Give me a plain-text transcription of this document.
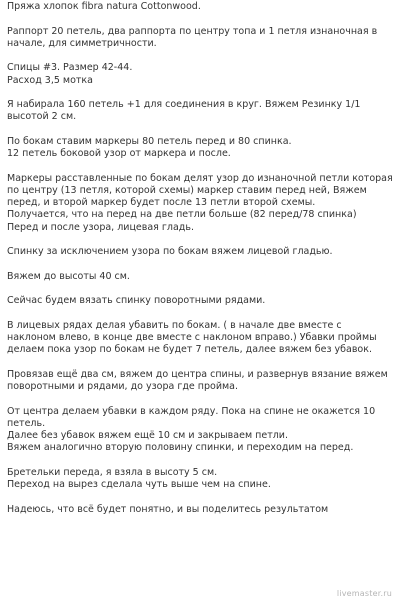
Пряжа хлопок fibra natura Cottonwood.
Раппорт 20 петель, два раппорта по центру топа и 1 петля изнаночная в
начале, для симметричности.
Спицы #3. Размер 42-44.
Расход 3,5 мотка
Я набирала 160 петель +1 для соединения в круг. Вяжем Резинку 1/1
высотой 2 см.
По бокам ставим маркеры 80 петель перед и 80 спинка.
12 петель боковой узор от маркера и после.
Маркеры расставленные по бокам делят узор до изнаночной петли которая
по центру (13 петля, которой схемы) маркер ставим перед ней, Вяжем
перед, и второй маркер будет после 13 петли второй схемы.
Получается, что на перед на две петли больше (82 перед/78 спинка)
Перед и после узора, лицевая гладь.
Спинку за исключением узора по бокам вяжем лицевой гладью.
Вяжем до высоты 40 см.
Сейчас будем вязать спинку поворотными рядами.
В лицевых рядах делая убавить по бокам. ( в начале две вместе с
наклоном влево, в конце две вместе с наклоном вправо.) Убавки проймы
делаем пока узор по бокам не будет 7 петель, далее вяжем без убавок.
Провязав ещё два см, вяжем до центра спины, и развернув вязание вяжем
поворотными и рядами, до узора где пройма.
От центра делаем убавки в каждом ряду. Пока на спине не окажется 10
петель.
Далее без убавок вяжем ещё 10 см и закрываем петли.
Вяжем аналогично вторую половину спинки, и переходим на перед.
Бретельки переда, я взяла в высоту 5 см.
Переход на вырез сделала чуть выше чем на спине.
Надеюсь, что всё будет понятно, и вы поделитесь результатом
livemaster.ru
